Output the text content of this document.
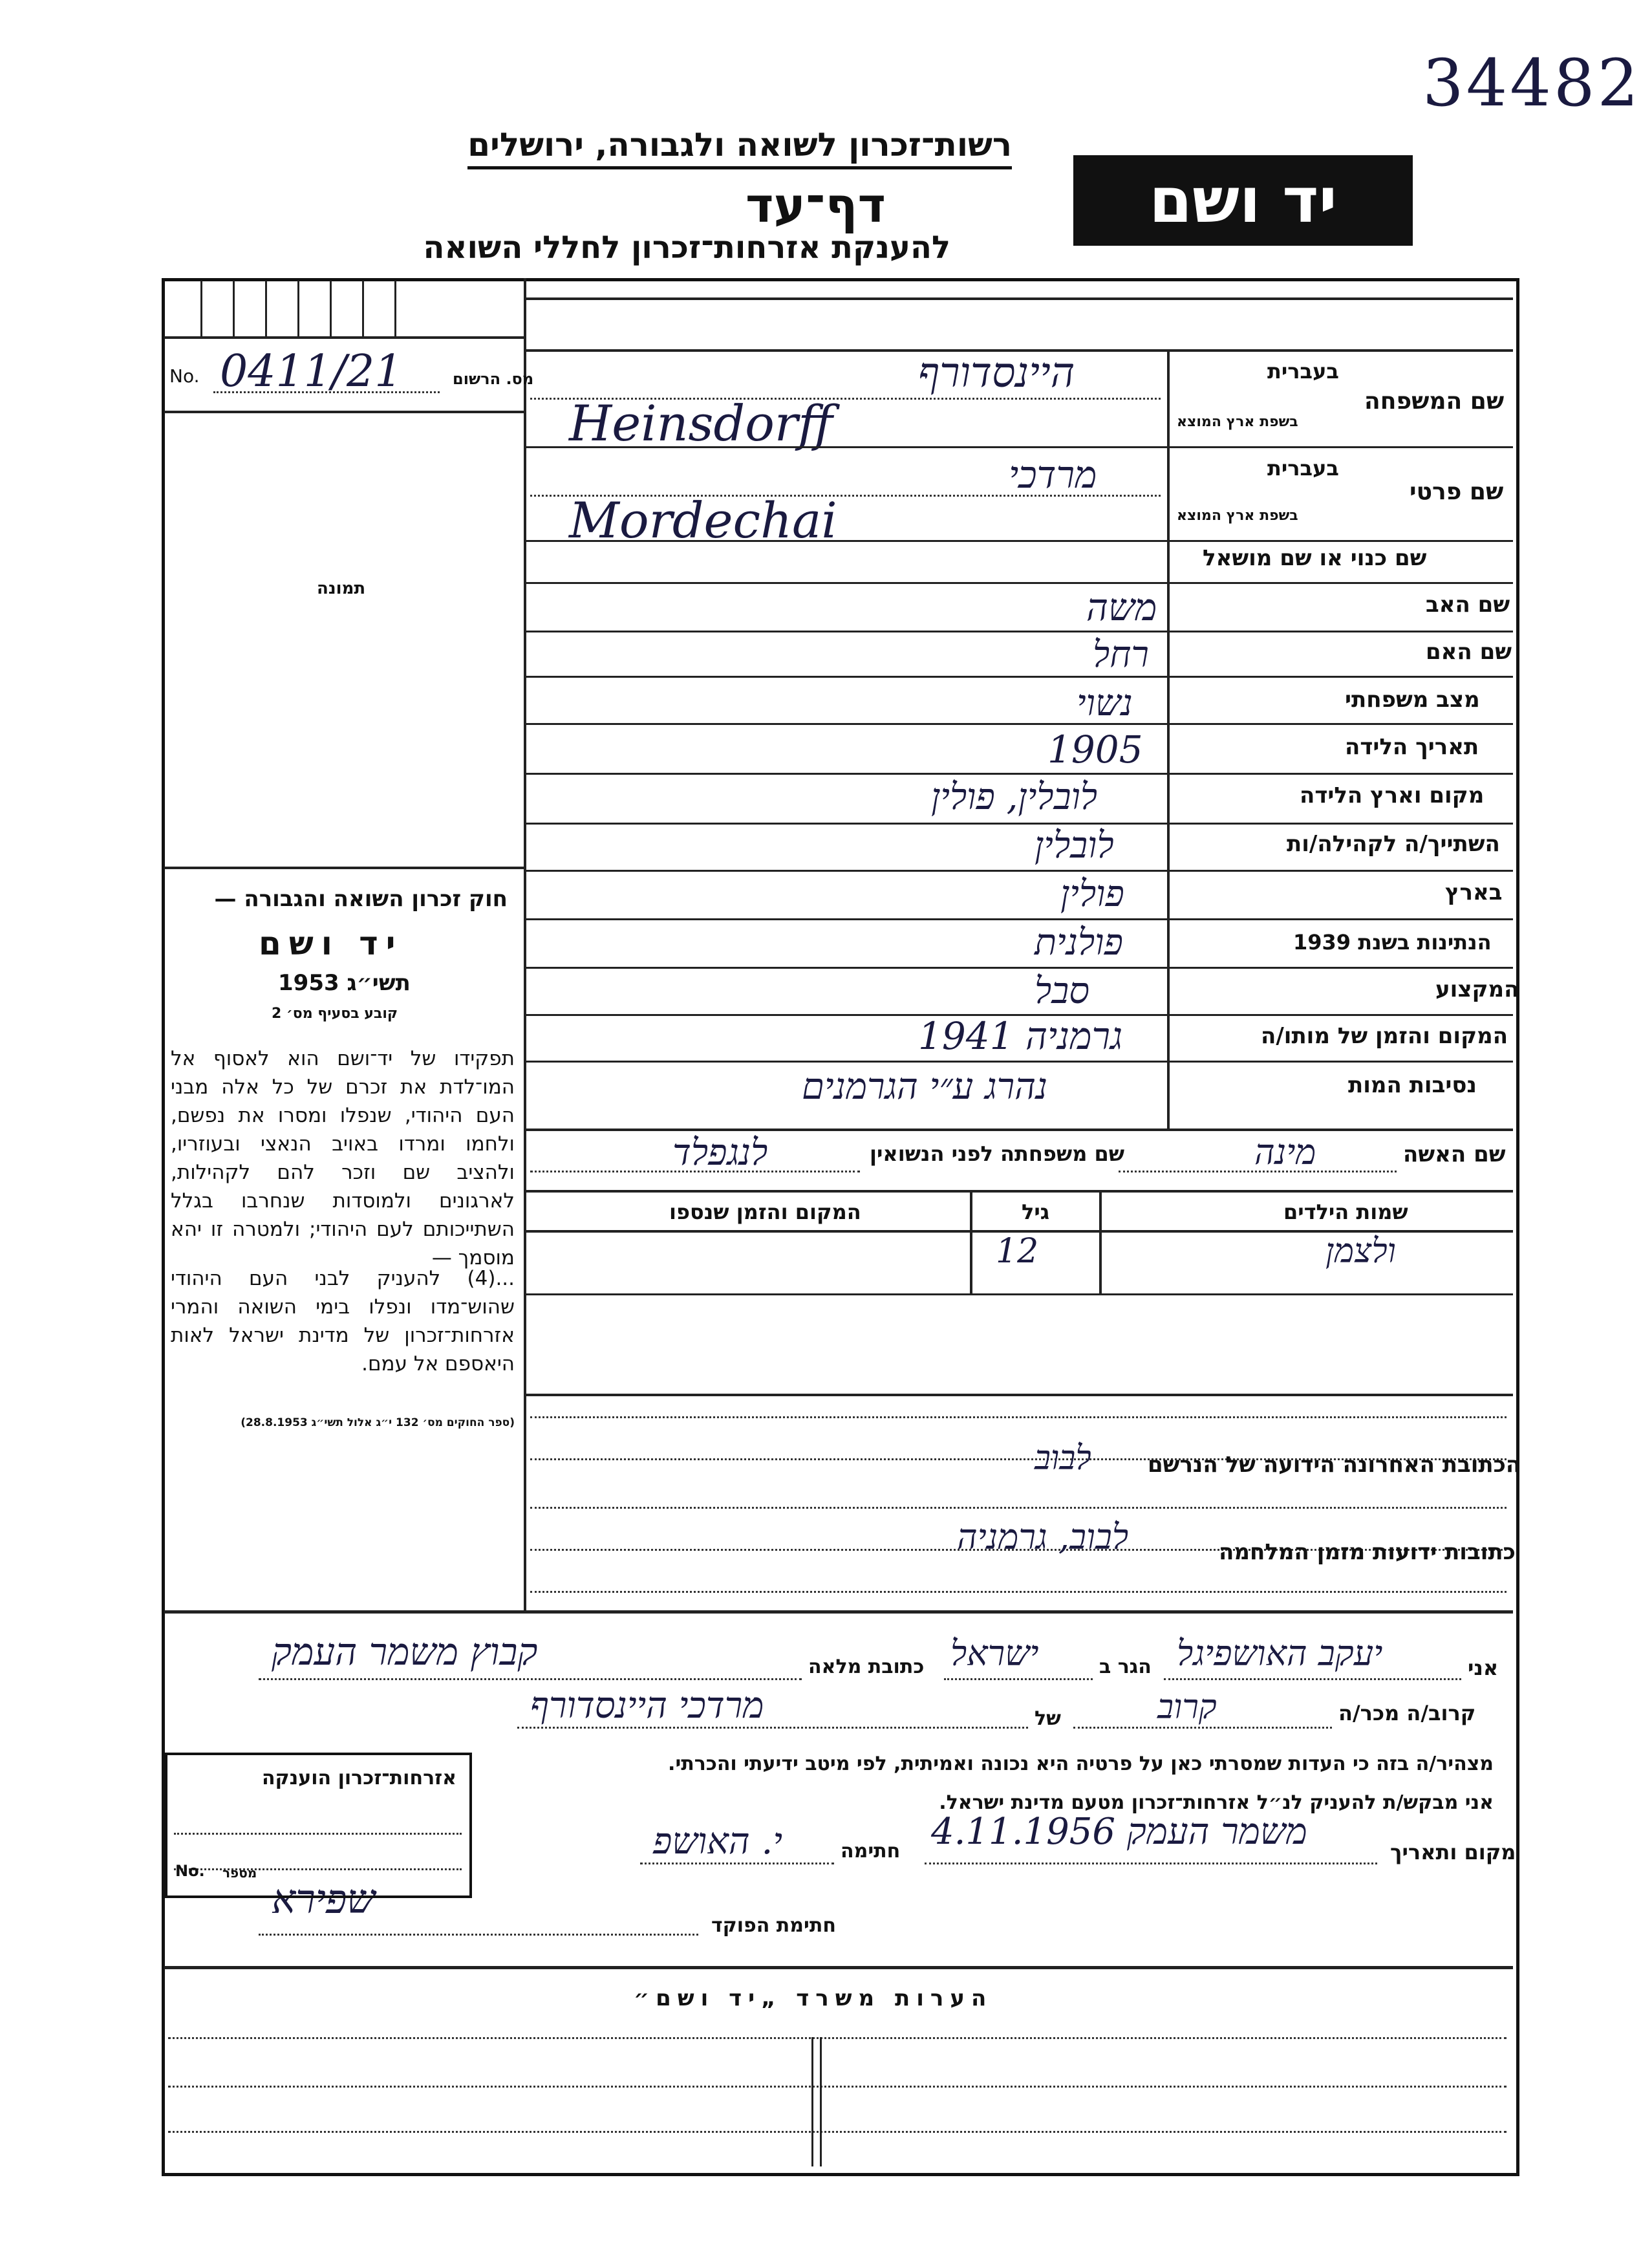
34482
רשות־זכרון לשואה ולגבורה, ירושלים
דף־עד
להענקת אזרחות־זכרון לחללי השואה
יד ושם
No. 0411/21	מס. הרשום
תמונה
חוק זכרון השואה והגבורה —
יד ושם
תשי״ג 1953
קובע בסעיף מס׳ 2
תפקידו של יד־ושם הוא לאסוף אל המו־לדת את זכרם של כל אלה מבני העם היהודי, שנפלו ומסרו את נפשם, ולחמו ומרדו באויב הנאצי ובעוזריו, ולהציב שם וזכר להם לקהילות, לארגונים ולמוסדות שנחרבו בגלל השתייכותם לעם היהודי; ולמטרה זו יהא מוסמך —
...(4) להעניק לבני העם היהודי שהוש־מדו ונפלו בימי השואה והמרי אזרחות־זכרון של מדינת ישראל לאות היאספם אל עמם.
(ספר החוקים מס׳ 132 י״ג אלול תשי״ג 28.8.1953)
בעברית
שם המשפחה
בשפת ארץ המוצא
היינסדורף
Heinsdorff
בעברית
שם פרטי
בשפת ארץ המוצא
מרדכי
Mordechai
שם כנוי או שם מושאל
שם האב
משה
שם האם
רחל
מצב משפחתי
נשוי
תאריך הלידה
1905
מקום וארץ הלידה
לובלין, פולין
השתייך/ה לקהילה/ות
לובלין
בארץ
פולין
הנתינות בשנת 1939
פולנית
המקצוע
סבל
המקום והזמן של מותו/ה
גרמניה 1941
נסיבות המות
נהרג ע״י הגרמנים
שם האשה
מינה
שם משפחתה לפני הנשואין
לנגפלד
שמות הילדים
גיל
המקום והזמן שנספו
ולצמן
12
הכתובת האחרונה הידועה של הנרשם
לבוב
כתובות ידועות מזמן המלחמה
לבוב, גרמניה
אני
יעקב האושפיגל
הגר ב
ישראל
כתובת מלאה
קבוץ משמר העמק
קרוב/ה מכר/ה
קרוב
של
מרדכי היינסדורף
מצהיר/ה בזה כי העדות שמסרתי כאן על פרטיה היא נכונה ואמיתית, לפי מיטב ידיעתי והכרתי.
אני מבקש/ת להעניק לנ״ל אזרחות־זכרון מטעם מדינת ישראל.
מקום ותאריך
משמר העמק 4.11.1956
חתימה
י. האושפ
חתימת הפוקד
שפירא
אזרחות־זכרון הוענקה
No. מספר
הערות משרד „יד ושם״
